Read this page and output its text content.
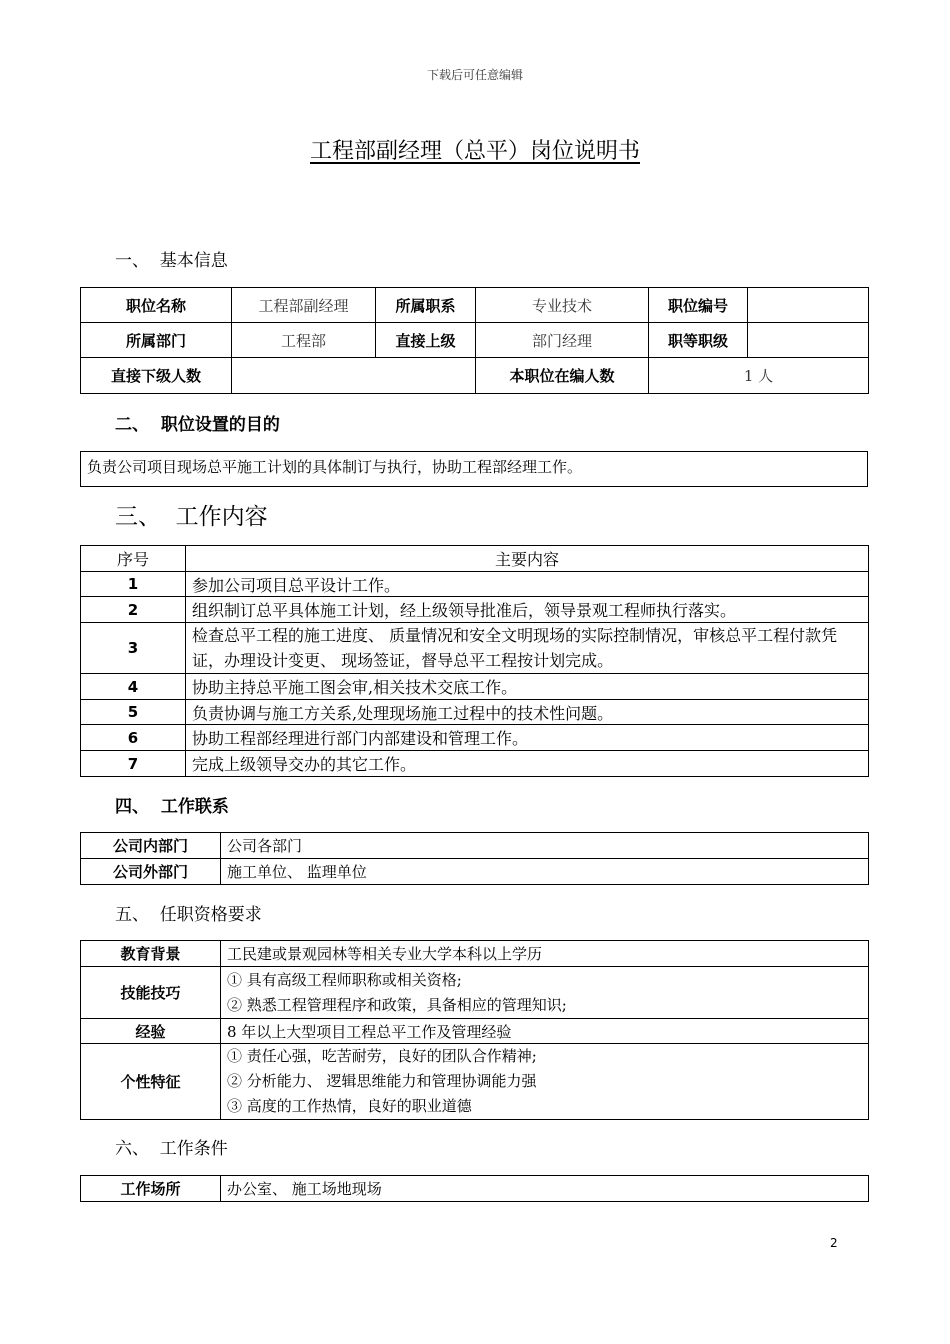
下载后可任意编辑
工程部副经理（总平）岗位说明书
一、  基本信息
职位名称	工程部副经理	所属职系	专业技术	职位编号	
所属部门	工程部	直接上级	部门经理	职等职级	
直接下级人数			本职位在编人数	1 人	
二、  职位设置的目的
负责公司项目现场总平施工计划的具体制订与执行，协助工程部经理工作。
三、  工作内容
序号	主要内容
1	参加公司项目总平设计工作。
2	组织制订总平具体施工计划，经上级领导批准后，领导景观工程师执行落实。
3	检查总平工程的施工进度、 质量情况和安全文明现场的实际控制情况，审核总平工程付款凭证，办理设计变更、 现场签证，督导总平工程按计划完成。
4	协助主持总平施工图会审,相关技术交底工作。
5	负责协调与施工方关系,处理现场施工过程中的技术性问题。
6	协助工程部经理进行部门内部建设和管理工作。
7	完成上级领导交办的其它工作。
四、  工作联系
公司内部门	公司各部门
公司外部门	施工单位、 监理单位
五、  任职资格要求
教育背景	工民建或景观园林等相关专业大学本科以上学历
技能技巧	① 具有高级工程师职称或相关资格;
② 熟悉工程管理程序和政策，具备相应的管理知识;

经验	8 年以上大型项目工程总平工作及管理经验
个性特征	① 责任心强，吃苦耐劳，良好的团队合作精神;
② 分析能力、 逻辑思维能力和管理协调能力强
③ 高度的工作热情，良好的职业道德
六、  工作条件
工作场所	办公室、 施工场地现场
2
